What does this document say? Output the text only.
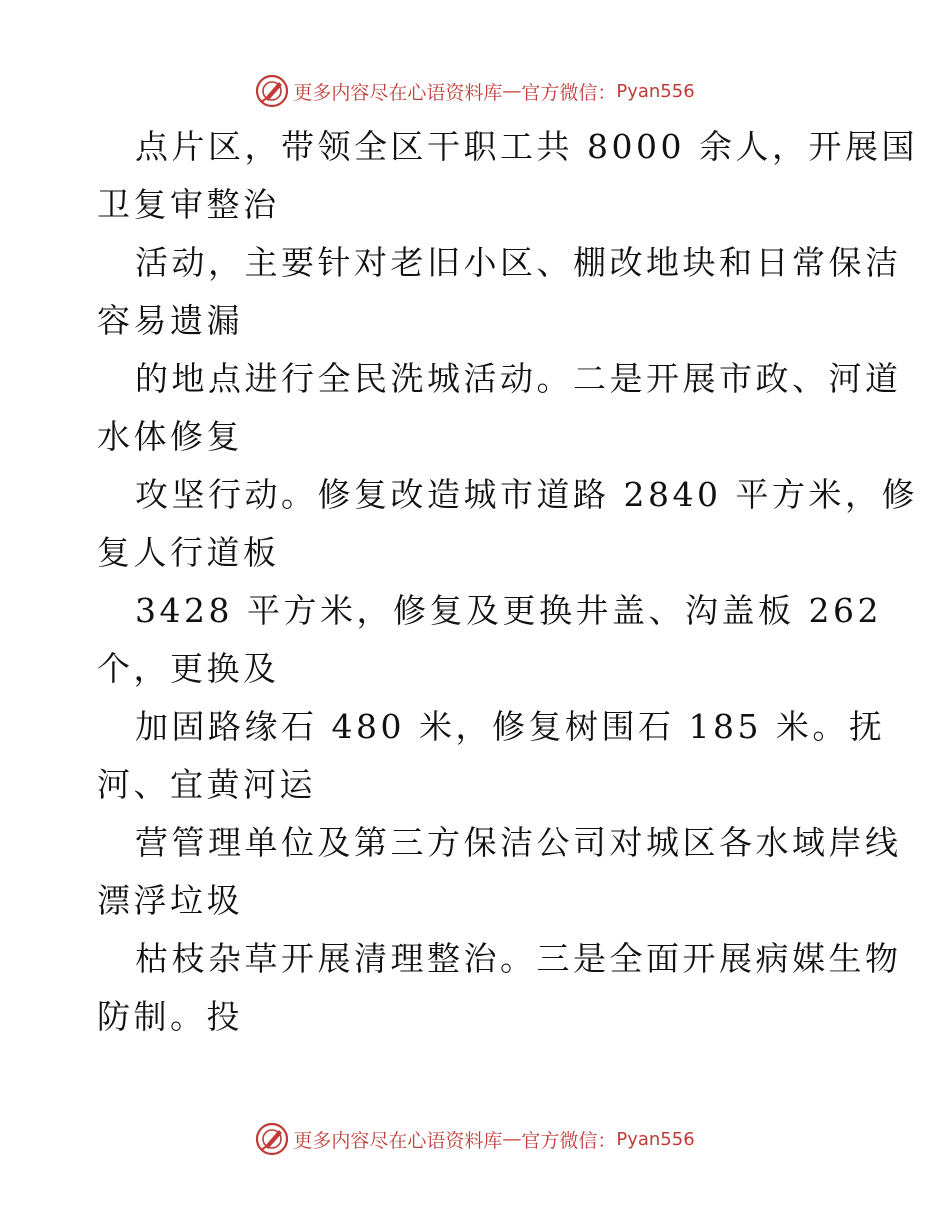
更多内容尽在心语资料库 — 官方微信： Pyan556
点片区，带领全区干职工共 8000 余人，开展国
卫复审整治
活动，主要针对老旧小区、棚改地块和日常保洁
容易遗漏
的地点进行全民洗城活动。二是开展市政、河道
水体修复
攻坚行动。修复改造城市道路 2840 平方米，修
复人行道板
3428 平方米，修复及更换井盖、沟盖板 262
个，更换及
加固路缘石 480 米，修复树围石 185 米。抚
河、宜黄河运
营管理单位及第三方保洁公司对城区各水域岸线
漂浮垃圾
枯枝杂草开展清理整治。三是全面开展病媒生物
防制。投
更多内容尽在心语资料库 — 官方微信： Pyan556
